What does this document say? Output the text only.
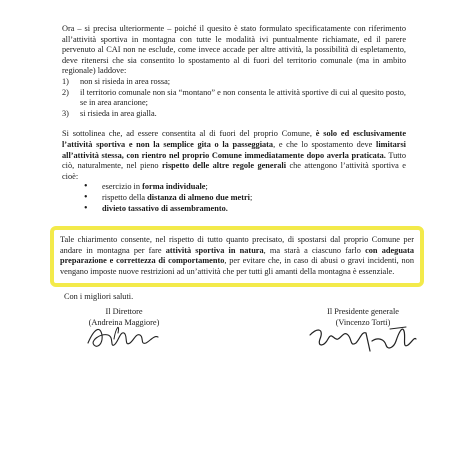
Ora – si precisa ulteriormente – poiché il quesito è stato formulato specificatamente con riferimento all’attività sportiva in montagna con tutte le modalità ivi puntualmente richiamate, ed il parere pervenuto al CAI non ne esclude, come invece accade per altre attività, la possibilità di espletamento, deve ritenersi che sia consentito lo spostamento al di fuori del territorio comunale (ma in ambito regionale) laddove:

1) non si risieda in area rossa;
2) il territorio comunale non sia “montano” e non consenta le attività sportive di cui al quesito posto, se in area arancione;
3) si risieda in area gialla.

Si sottolinea che, ad essere consentita al di fuori del proprio Comune, è solo ed esclusivamente l’attività sportiva e non la semplice gita o la passeggiata, e che lo spostamento deve limitarsi all’attività stessa, con rientro nel proprio Comune immediatamente dopo averla praticata. Tutto ciò, naturalmente, nel pieno rispetto delle altre regole generali che attengono l’attività sportiva e cioè:

• esercizio in forma individuale;
• rispetto della distanza di almeno due metri;
• divieto tassativo di assembramento.

Tale chiarimento consente, nel rispetto di tutto quanto precisato, di spostarsi dal proprio Comune per andare in montagna per fare attività sportiva in natura, ma starà a ciascuno farlo con adeguata preparazione e correttezza di comportamento, per evitare che, in caso di abusi o gravi incidenti, non vengano imposte nuove restrizioni ad un’attività che per tutti gli amanti della montagna è essenziale.

Con i migliori saluti.

Il Direttore
(Andreina Maggiore)
Il Presidente generale
(Vincenzo Torti)
